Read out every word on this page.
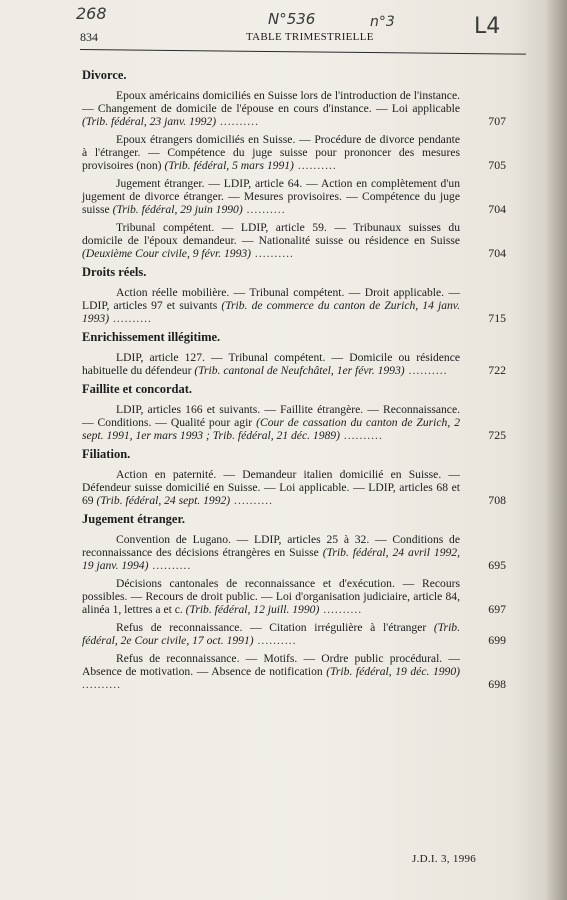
268	N°536	n°3	L4
834	TABLE TRIMESTRIELLE
Divorce.
Epoux américains domiciliés en Suisse lors de l'introduction de l'instance. — Changement de domicile de l'épouse en cours d'instance. — Loi applicable (Trib. fédéral, 23 janv. 1992) ..........	707
Epoux étrangers domiciliés en Suisse. — Procédure de divorce pendante à l'étranger. — Compétence du juge suisse pour prononcer des mesures provisoires (non) (Trib. fédéral, 5 mars 1991) ..........	705
Jugement étranger. — LDIP, article 64. — Action en complètement d'un jugement de divorce étranger. — Mesures provisoires. — Compétence du juge suisse (Trib. fédéral, 29 juin 1990) ..........	704
Tribunal compétent. — LDIP, article 59. — Tribunaux suisses du domicile de l'époux demandeur. — Nationalité suisse ou résidence en Suisse (Deuxième Cour civile, 9 févr. 1993) ..........	704
Droits réels.
Action réelle mobilière. — Tribunal compétent. — Droit applicable. — LDIP, articles 97 et suivants (Trib. de commerce du canton de Zurich, 14 janv. 1993) ..........	715
Enrichissement illégitime.
LDIP, article 127. — Tribunal compétent. — Domicile ou résidence habituelle du défendeur (Trib. cantonal de Neufchâtel, 1er févr. 1993) ..........	722
Faillite et concordat.
LDIP, articles 166 et suivants. — Faillite étrangère. — Reconnaissance. — Conditions. — Qualité pour agir (Cour de cassation du canton de Zurich, 2 sept. 1991, 1er mars 1993 ; Trib. fédéral, 21 déc. 1989) ..........	725
Filiation.
Action en paternité. — Demandeur italien domicilié en Suisse. — Défendeur suisse domicilié en Suisse. — Loi applicable. — LDIP, articles 68 et 69 (Trib. fédéral, 24 sept. 1992) ..........	708
Jugement étranger.
Convention de Lugano. — LDIP, articles 25 à 32. — Conditions de reconnaissance des décisions étrangères en Suisse (Trib. fédéral, 24 avril 1992, 19 janv. 1994) ..........	695
Décisions cantonales de reconnaissance et d'exécution. — Recours possibles. — Recours de droit public. — Loi d'organisation judiciaire, article 84, alinéa 1, lettres a et c. (Trib. fédéral, 12 juill. 1990) ..........	697
Refus de reconnaissance. — Citation irrégulière à l'étranger (Trib. fédéral, 2e Cour civile, 17 oct. 1991) ..........	699
Refus de reconnaissance. — Motifs. — Ordre public procédural. — Absence de motivation. — Absence de notification (Trib. fédéral, 19 déc. 1990) ..........	698
J.D.I. 3, 1996
